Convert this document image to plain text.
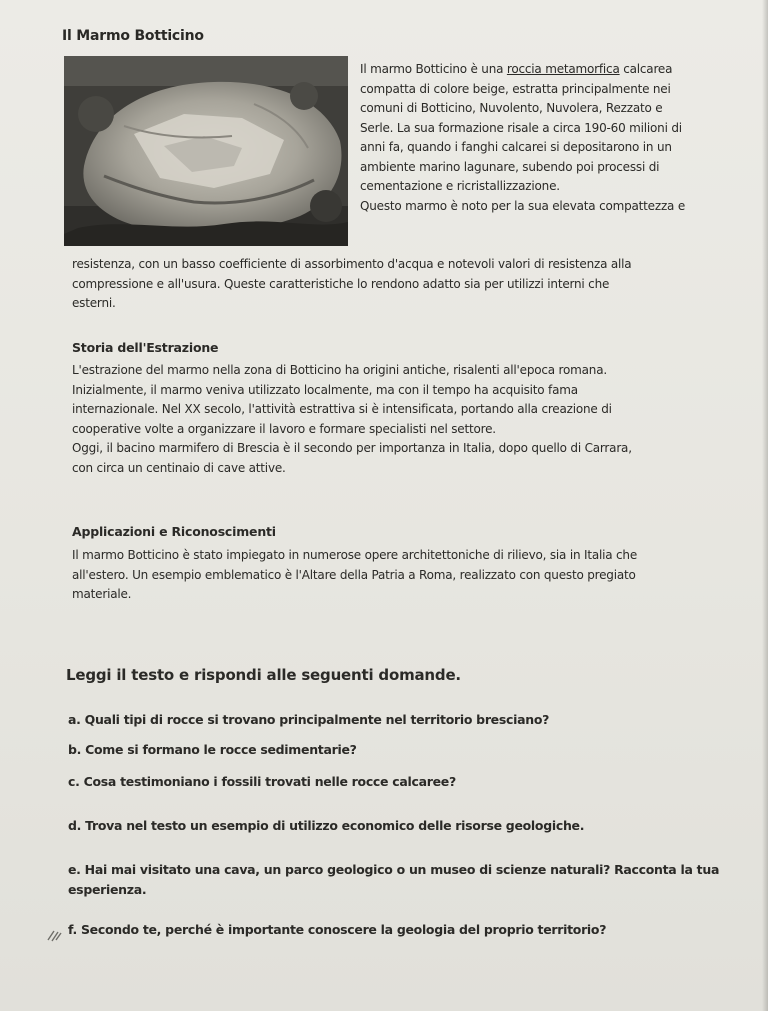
Il Marmo Botticino
Il marmo Botticino è una roccia metamorfica calcarea
compatta di colore beige, estratta principalmente nei
comuni di Botticino, Nuvolento, Nuvolera, Rezzato e
Serle. La sua formazione risale a circa 190-60 milioni di
anni fa, quando i fanghi calcarei si depositarono in un
ambiente marino lagunare, subendo poi processi di
cementazione e ricristallizzazione.
Questo marmo è noto per la sua elevata compattezza e
resistenza, con un basso coefficiente di assorbimento d'acqua e notevoli valori di resistenza alla
compressione e all'usura. Queste caratteristiche lo rendono adatto sia per utilizzi interni che
esterni.
Storia dell'Estrazione
L'estrazione del marmo nella zona di Botticino ha origini antiche, risalenti all'epoca romana.
Inizialmente, il marmo veniva utilizzato localmente, ma con il tempo ha acquisito fama
internazionale. Nel XX secolo, l'attività estrattiva si è intensificata, portando alla creazione di
cooperative volte a organizzare il lavoro e formare specialisti nel settore.
Oggi, il bacino marmifero di Brescia è il secondo per importanza in Italia, dopo quello di Carrara,
con circa un centinaio di cave attive.
Applicazioni e Riconoscimenti
Il marmo Botticino è stato impiegato in numerose opere architettoniche di rilievo, sia in Italia che
all'estero. Un esempio emblematico è l'Altare della Patria a Roma, realizzato con questo pregiato
materiale.
Leggi il testo e rispondi alle seguenti domande.
a. Quali tipi di rocce si trovano principalmente nel territorio bresciano?
b. Come si formano le rocce sedimentarie?
c. Cosa testimoniano i fossili trovati nelle rocce calcaree?
d. Trova nel testo un esempio di utilizzo economico delle risorse geologiche.
e. Hai mai visitato una cava, un parco geologico o un museo di scienze naturali? Racconta la tua
esperienza.
f. Secondo te, perché è importante conoscere la geologia del proprio territorio?
